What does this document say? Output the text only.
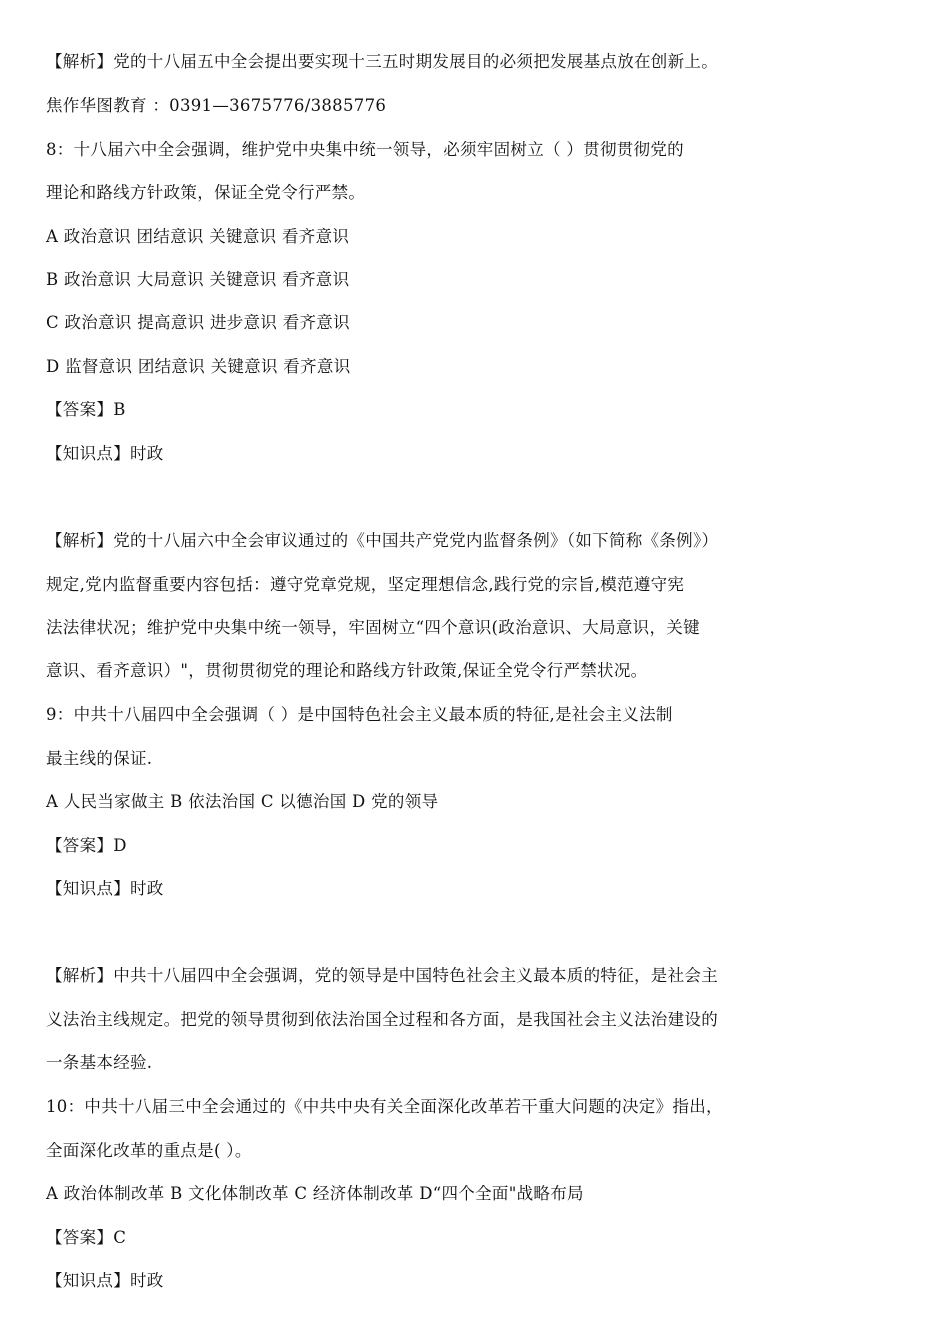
【解析】党的十八届五中全会提出要实现十三五时期发展目的必须把发展基点放在创新上。
焦作华图教育 ：0391—3675776/3885776
8：十八届六中全会强调，维护党中央集中统一领导，必须牢固树立（ ）贯彻贯彻党的
理论和路线方针政策，保证全党令行严禁。
A 政治意识 团结意识 关键意识 看齐意识
B 政治意识 大局意识 关键意识 看齐意识
C 政治意识 提高意识 进步意识 看齐意识
D 监督意识 团结意识 关键意识 看齐意识
【答案】B
【知识点】时政
【解析】党的十八届六中全会审议通过的《中国共产党党内监督条例》（如下简称《条例》）
规定,党内监督重要内容包括：遵守党章党规，坚定理想信念,践行党的宗旨,模范遵守宪
法法律状况；维护党中央集中统一领导，牢固树立“四个意识(政治意识、大局意识，关键
意识、看齐意识）"，贯彻贯彻党的理论和路线方针政策,保证全党令行严禁状况。
9：中共十八届四中全会强调（ ）是中国特色社会主义最本质的特征,是社会主义法制
最主线的保证.
A 人民当家做主 B 依法治国 C 以德治国 D 党的领导
【答案】D
【知识点】时政
【解析】中共十八届四中全会强调，党的领导是中国特色社会主义最本质的特征，是社会主
义法治主线规定。把党的领导贯彻到依法治国全过程和各方面，是我国社会主义法治建设的
一条基本经验.
10：中共十八届三中全会通过的《中共中央有关全面深化改革若干重大问题的决定》指出，
全面深化改革的重点是( ）。
A 政治体制改革 B 文化体制改革 C 经济体制改革 D“四个全面"战略布局
【答案】C
【知识点】时政
